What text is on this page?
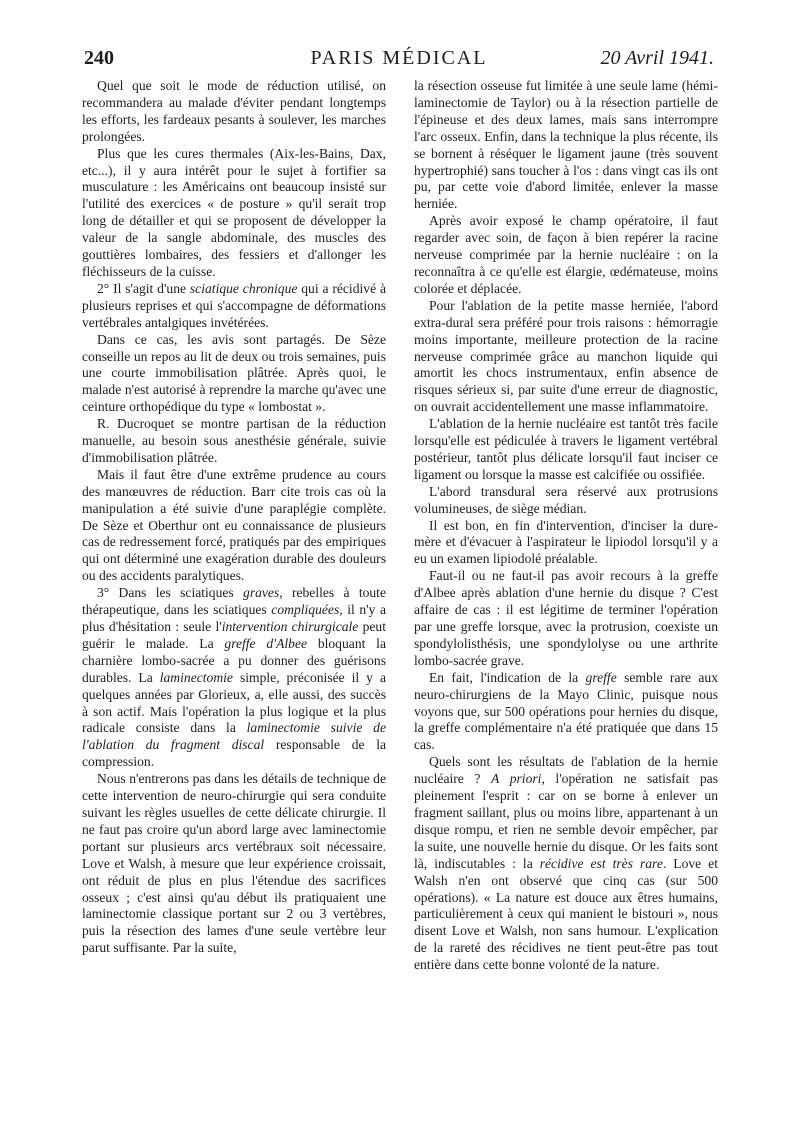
240	PARIS MÉDICAL	20 Avril 1941.

Quel que soit le mode de réduction utilisé, on recommandera au malade d'éviter pendant longtemps les efforts, les fardeaux pesants à soulever, les marches prolongées.

Plus que les cures thermales (Aix-les-Bains, Dax, etc...), il y aura intérêt pour le sujet à fortifier sa musculature : les Américains ont beaucoup insisté sur l'utilité des exercices « de posture » qu'il serait trop long de détailler et qui se proposent de développer la valeur de la sangle abdominale, des muscles des gouttières lombaires, des fessiers et d'allonger les fléchisseurs de la cuisse.

2° Il s'agit d'une sciatique chronique qui a récidivé à plusieurs reprises et qui s'accompagne de déformations vertébrales antalgiques invétérées.

Dans ce cas, les avis sont partagés. De Sèze conseille un repos au lit de deux ou trois semaines, puis une courte immobilisation plâtrée. Après quoi, le malade n'est autorisé à reprendre la marche qu'avec une ceinture orthopédique du type « lombostat ».

R. Ducroquet se montre partisan de la réduction manuelle, au besoin sous anesthésie générale, suivie d'immobilisation plâtrée.

Mais il faut être d'une extrême prudence au cours des manœuvres de réduction. Barr cite trois cas où la manipulation a été suivie d'une paraplégie complète. De Sèze et Oberthur ont eu connaissance de plusieurs cas de redressement forcé, pratiqués par des empiriques qui ont déterminé une exagération durable des douleurs ou des accidents paralytiques.

3° Dans les sciatiques graves, rebelles à toute thérapeutique, dans les sciatiques compliquées, il n'y a plus d'hésitation : seule l'intervention chirurgicale peut guérir le malade. La greffe d'Albee bloquant la charnière lombo-sacrée a pu donner des guérisons durables. La laminectomie simple, préconisée il y a quelques années par Glorieux, a, elle aussi, des succès à son actif. Mais l'opération la plus logique et la plus radicale consiste dans la laminectomie suivie de l'ablation du fragment discal responsable de la compression.

Nous n'entrerons pas dans les détails de technique de cette intervention de neuro-chirurgie qui sera conduite suivant les règles usuelles de cette délicate chirurgie. Il ne faut pas croire qu'un abord large avec laminectomie portant sur plusieurs arcs vertébraux soit nécessaire. Love et Walsh, à mesure que leur expérience croissait, ont réduit de plus en plus l'étendue des sacrifices osseux ; c'est ainsi qu'au début ils pratiquaient une laminectomie classique portant sur 2 ou 3 vertèbres, puis la résection des lames d'une seule vertèbre leur parut suffisante. Par la suite,

la résection osseuse fut limitée à une seule lame (hémi-laminectomie de Taylor) ou à la résection partielle de l'épineuse et des deux lames, mais sans interrompre l'arc osseux. Enfin, dans la technique la plus récente, ils se bornent à réséquer le ligament jaune (très souvent hypertrophié) sans toucher à l'os : dans vingt cas ils ont pu, par cette voie d'abord limitée, enlever la masse herniée.

Après avoir exposé le champ opératoire, il faut regarder avec soin, de façon à bien repérer la racine nerveuse comprimée par la hernie nucléaire : on la reconnaîtra à ce qu'elle est élargie, œdémateuse, moins colorée et déplacée.

Pour l'ablation de la petite masse herniée, l'abord extra-dural sera préféré pour trois raisons : hémorragie moins importante, meilleure protection de la racine nerveuse comprimée grâce au manchon liquide qui amortit les chocs instrumentaux, enfin absence de risques sérieux si, par suite d'une erreur de diagnostic, on ouvrait accidentellement une masse inflammatoire.

L'ablation de la hernie nucléaire est tantôt très facile lorsqu'elle est pédiculée à travers le ligament vertébral postérieur, tantôt plus délicate lorsqu'il faut inciser ce ligament ou lorsque la masse est calcifiée ou ossifiée.

L'abord transdural sera réservé aux protrusions volumineuses, de siège médian.

Il est bon, en fin d'intervention, d'inciser la dure-mère et d'évacuer à l'aspirateur le lipiodol lorsqu'il y a eu un examen lipiodolé préalable.

Faut-il ou ne faut-il pas avoir recours à la greffe d'Albee après ablation d'une hernie du disque ? C'est affaire de cas : il est légitime de terminer l'opération par une greffe lorsque, avec la protrusion, coexiste un spondylolisthésis, une spondylolyse ou une arthrite lombo-sacrée grave.

En fait, l'indication de la greffe semble rare aux neuro-chirurgiens de la Mayo Clinic, puisque nous voyons que, sur 500 opérations pour hernies du disque, la greffe complémentaire n'a été pratiquée que dans 15 cas.

Quels sont les résultats de l'ablation de la hernie nucléaire ? A priori, l'opération ne satisfait pas pleinement l'esprit : car on se borne à enlever un fragment saillant, plus ou moins libre, appartenant à un disque rompu, et rien ne semble devoir empêcher, par la suite, une nouvelle hernie du disque. Or les faits sont là, indiscutables : la récidive est très rare. Love et Walsh n'en ont observé que cinq cas (sur 500 opérations). « La nature est douce aux êtres humains, particulièrement à ceux qui manient le bistouri », nous disent Love et Walsh, non sans humour. L'explication de la rareté des récidives ne tient peut-être pas tout entière dans cette bonne volonté de la nature.
